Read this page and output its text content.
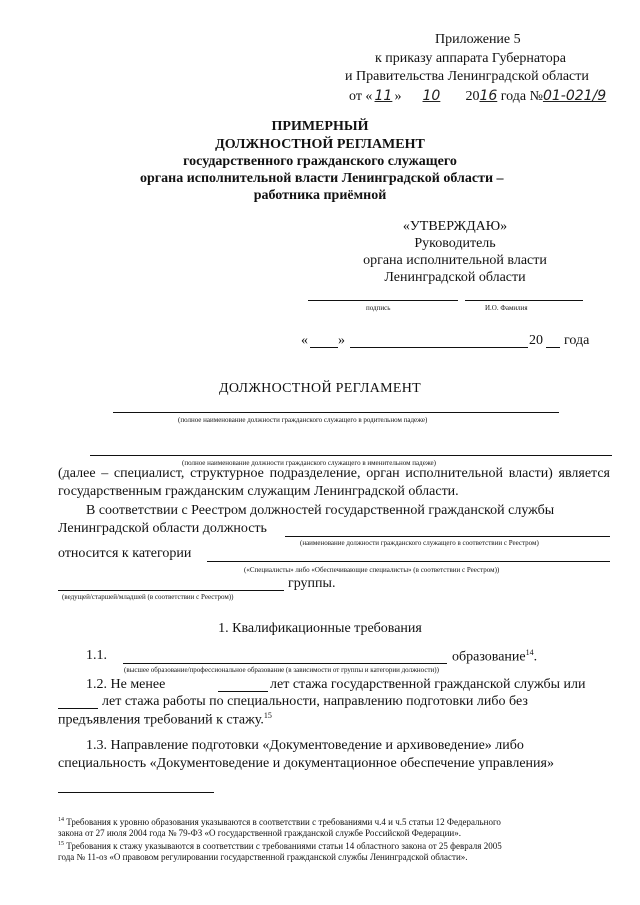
Приложение 5
к приказу аппарата Губернатора
и Правительства Ленинградской области
от « 11 » 10 2016 года №01-021/9
ПРИМЕРНЫЙ
ДОЛЖНОСТНОЙ РЕГЛАМЕНТ
государственного гражданского служащего
органа исполнительной власти Ленинградской области –
работника приёмной
«УТВЕРЖДАЮ»
Руководитель
органа исполнительной власти
Ленинградской области
подпись	И.О. Фамилия
« »	20 года
ДОЛЖНОСТНОЙ РЕГЛАМЕНТ
(полное наименование должности гражданского служащего в родительном падеже)
(полное наименование должности гражданского служащего в именительном падеже)
(далее – специалист, структурное подразделение, орган исполнительной власти) является государственным гражданским служащим Ленинградской области.
В соответствии с Реестром должностей государственной гражданской службы
Ленинградской области должность
(наименование должности гражданского служащего в соответствии с Реестром)
относится к категории
(«Специалисты» либо «Обеспечивающие специалисты» (в соответствии с Реестром))
группы.
(ведущей/старшей/младшей (в соответствии с Реестром))
1. Квалификационные требования
1.1.	образование$^{14}$.
(высшее образование/профессиональное образование (в зависимости от группы и категории должности))
1.2. Не менее	лет стажа государственной гражданской службы или
лет стажа работы по специальности, направлению подготовки либо без
предъявления требований к стажу.$^{15}$
1.3. Направление подготовки «Документоведение и архивоведение» либо
специальность «Документоведение и документационное обеспечение управления»
$^{14}$ Требования к уровню образования указываются в соответствии с требованиями ч.4 и ч.5 статьи 12 Федерального
закона от 27 июля 2004 года № 79-ФЗ «О государственной гражданской службе Российской Федерации».
$^{15}$ Требования к стажу указываются в соответствии с требованиями статьи 14 областного закона от 25 февраля 2005
года № 11-оз «О правовом регулировании государственной гражданской службы Ленинградской области».
